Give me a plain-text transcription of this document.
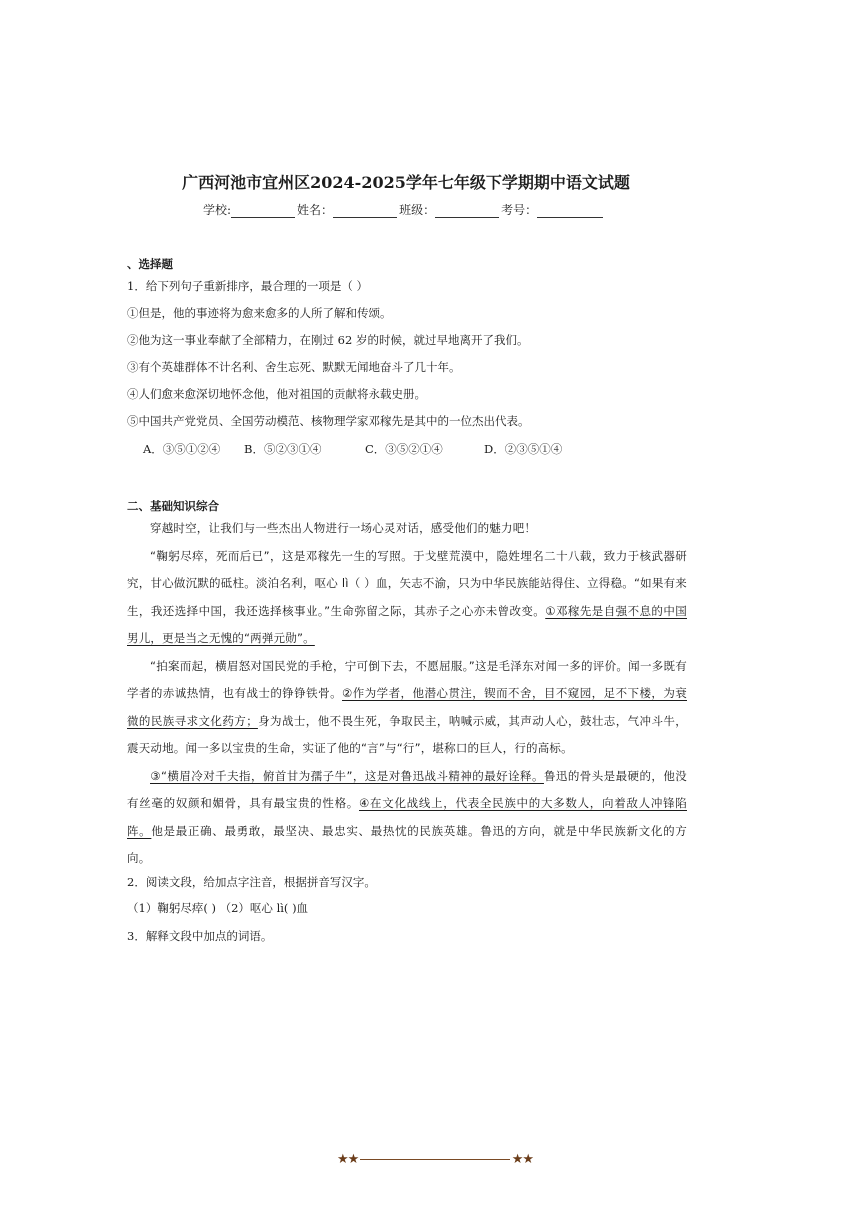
广西河池市宜州区2024-2025学年七年级下学期期中语文试题
学校:	姓名：	班级：	考号：
、选择题
1．给下列句子重新排序，最合理的一项是（ ）
①但是，他的事迹将为愈来愈多的人所了解和传颂。
②他为这一事业奉献了全部精力，在刚过 62 岁的时候，就过早地离开了我们。
③有个英雄群体不计名利、舍生忘死、默默无闻地奋斗了几十年。
④人们愈来愈深切地怀念他，他对祖国的贡献将永载史册。
⑤中国共产党党员、全国劳动模范、核物理学家邓稼先是其中的一位杰出代表。
A．③⑤①②④ B．⑤②③①④	C．③⑤②①④	D．②③⑤①④
二、基础知识综合
穿越时空，让我们与一些杰出人物进行一场心灵对话，感受他们的魅力吧！
“鞠躬尽瘁，死而后已”，这是邓稼先一生的写照。于戈壁荒漠中，隐姓埋名二十八载，致力于核武器研究，甘心做沉默的砥柱。淡泊名利，呕心 lì（ ）血，矢志不渝，只为中华民族能站得住、立得稳。“如果有来生，我还选择中国，我还选择核事业。”生命弥留之际，其赤子之心亦未曾改变。①邓稼先是自强不息的中国男儿，更是当之无愧的“两弹元勋”。
“拍案而起，横眉怒对国民党的手枪，宁可倒下去，不愿屈服。”这是毛泽东对闻一多的评价。闻一多既有学者的赤诚热情，也有战士的铮铮铁骨。②作为学者，他潜心贯注，锲而不舍，目不窥园，足不下楼，为衰微的民族寻求文化药方；身为战士，他不畏生死，争取民主，呐喊示威，其声动人心，鼓壮志，气冲斗牛，震天动地。闻一多以宝贵的生命，实证了他的“言”与“行”，堪称口的巨人，行的高标。
③“横眉冷对千夫指，俯首甘为孺子牛”，这是对鲁迅战斗精神的最好诠释。鲁迅的骨头是最硬的，他没有丝毫的奴颜和媚骨，具有最宝贵的性格。④在文化战线上，代表全民族中的大多数人，向着敌人冲锋陷阵。他是最正确、最勇敢，最坚决、最忠实、最热忱的民族英雄。鲁迅的方向，就是中华民族新文化的方向。
2．阅读文段，给加点字注音，根据拼音写汉字。
（1）鞠躬尽瘁( ) （2）呕心 lì( )血
3．解释文段中加点的词语。
★★	★★
